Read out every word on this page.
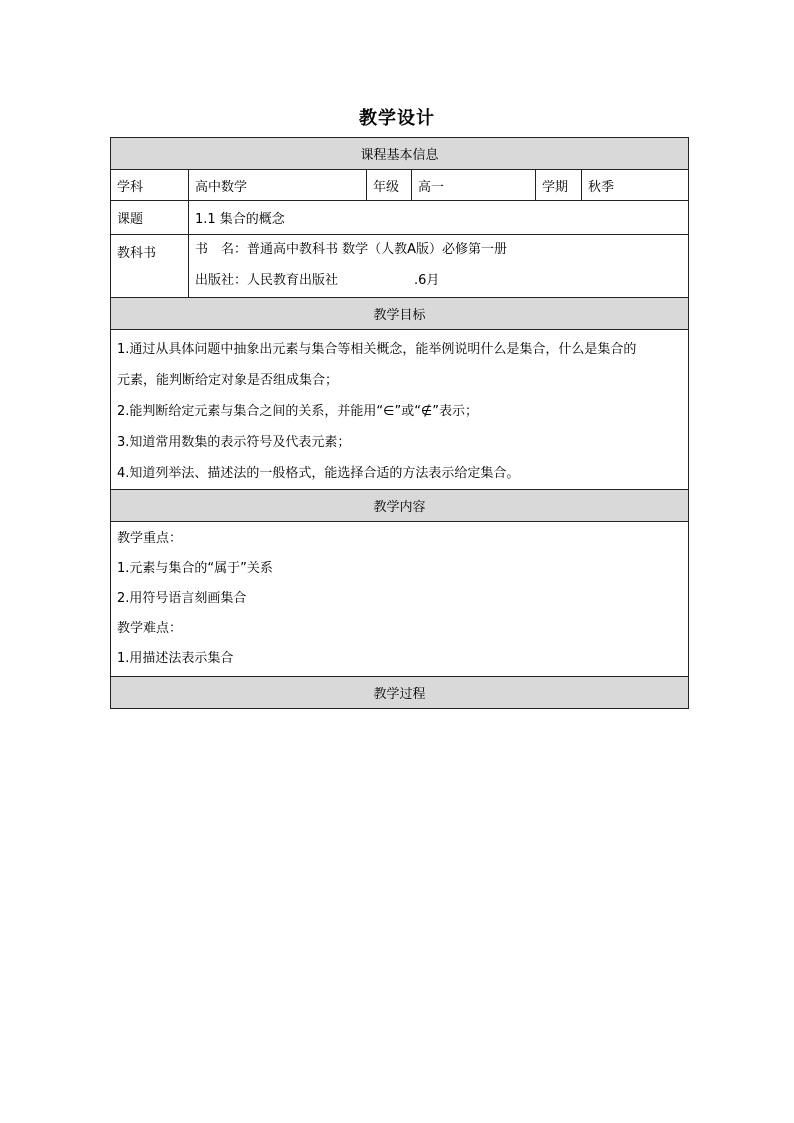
教学设计
课程基本信息					
学科	高中数学	年级	高一	学期	秋季
课题	1.1 集合的概念				
教科书	书　名：普通高中教科书 数学（人教A版）必修第一册
出版社：人民教育出版社 .6月				

教学目标					

1.通过从具体问题中抽象出元素与集合等相关概念，能举例说明什么是集合，什么是集合的
元素，能判断给定对象是否组成集合；
2.能判断给定元素与集合之间的关系，并能用“∈”或“∉”表示；
3.知道常用数集的表示符号及代表元素；
4.知道列举法、描述法的一般格式，能选择合适的方法表示给定集合。					

教学内容					

教学重点：
1.元素与集合的“属于”关系
2.用符号语言刻画集合
教学难点：
1.用描述法表示集合					

教学过程					
